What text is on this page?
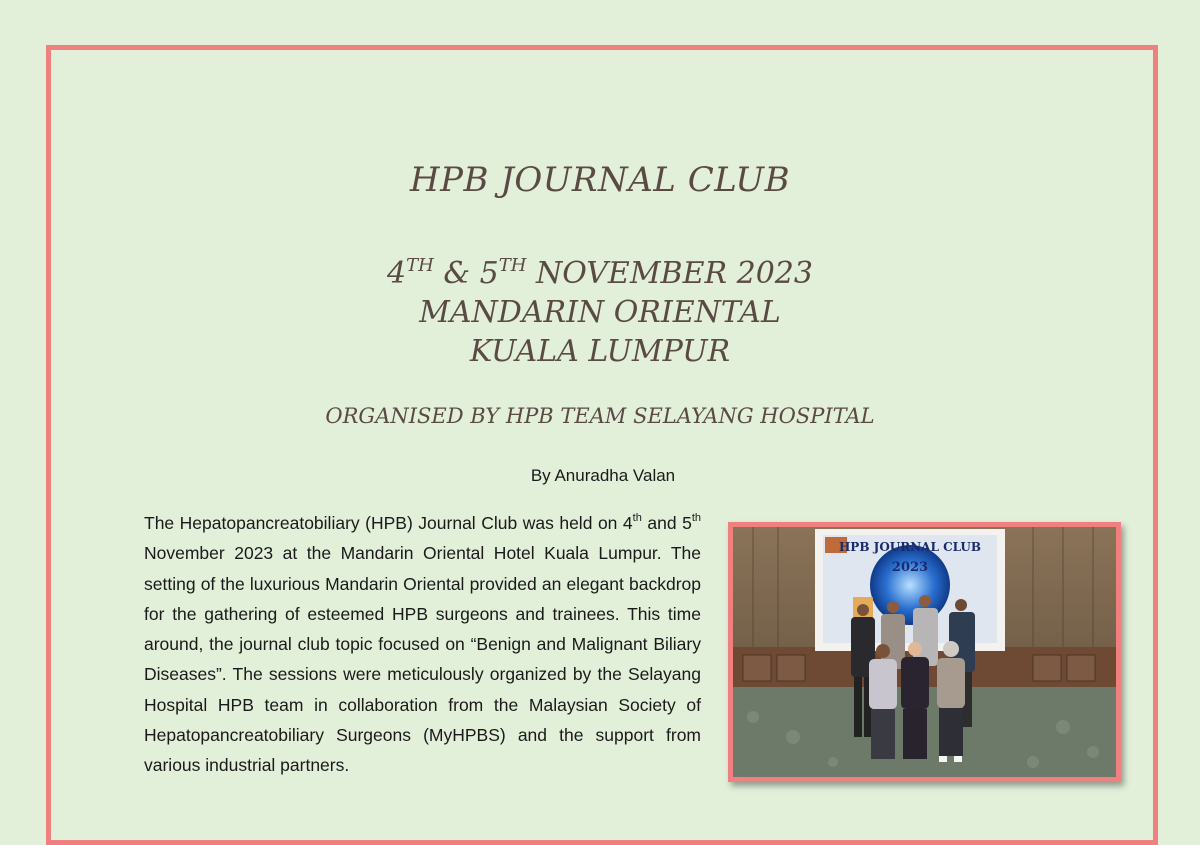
HPB JOURNAL CLUB
4TH & 5TH NOVEMBER 2023
MANDARIN ORIENTAL
KUALA LUMPUR
ORGANISED BY HPB TEAM SELAYANG HOSPITAL
By Anuradha Valan
The Hepatopancreatobiliary (HPB) Journal Club was held on 4th and 5th November 2023 at the Mandarin Oriental Hotel Kuala Lumpur. The setting of the luxurious Mandarin Oriental provided an elegant backdrop for the gathering of esteemed HPB surgeons and trainees. This time around, the journal club topic focused on “Benign and Malignant Biliary Diseases”. The sessions were meticulously organized by the Selayang Hospital HPB team in collaboration from the Malaysian Society of Hepatopancreatobiliary Surgeons (MyHPBS) and the support from various industrial partners.
HPB JOURNAL CLUB
2023
